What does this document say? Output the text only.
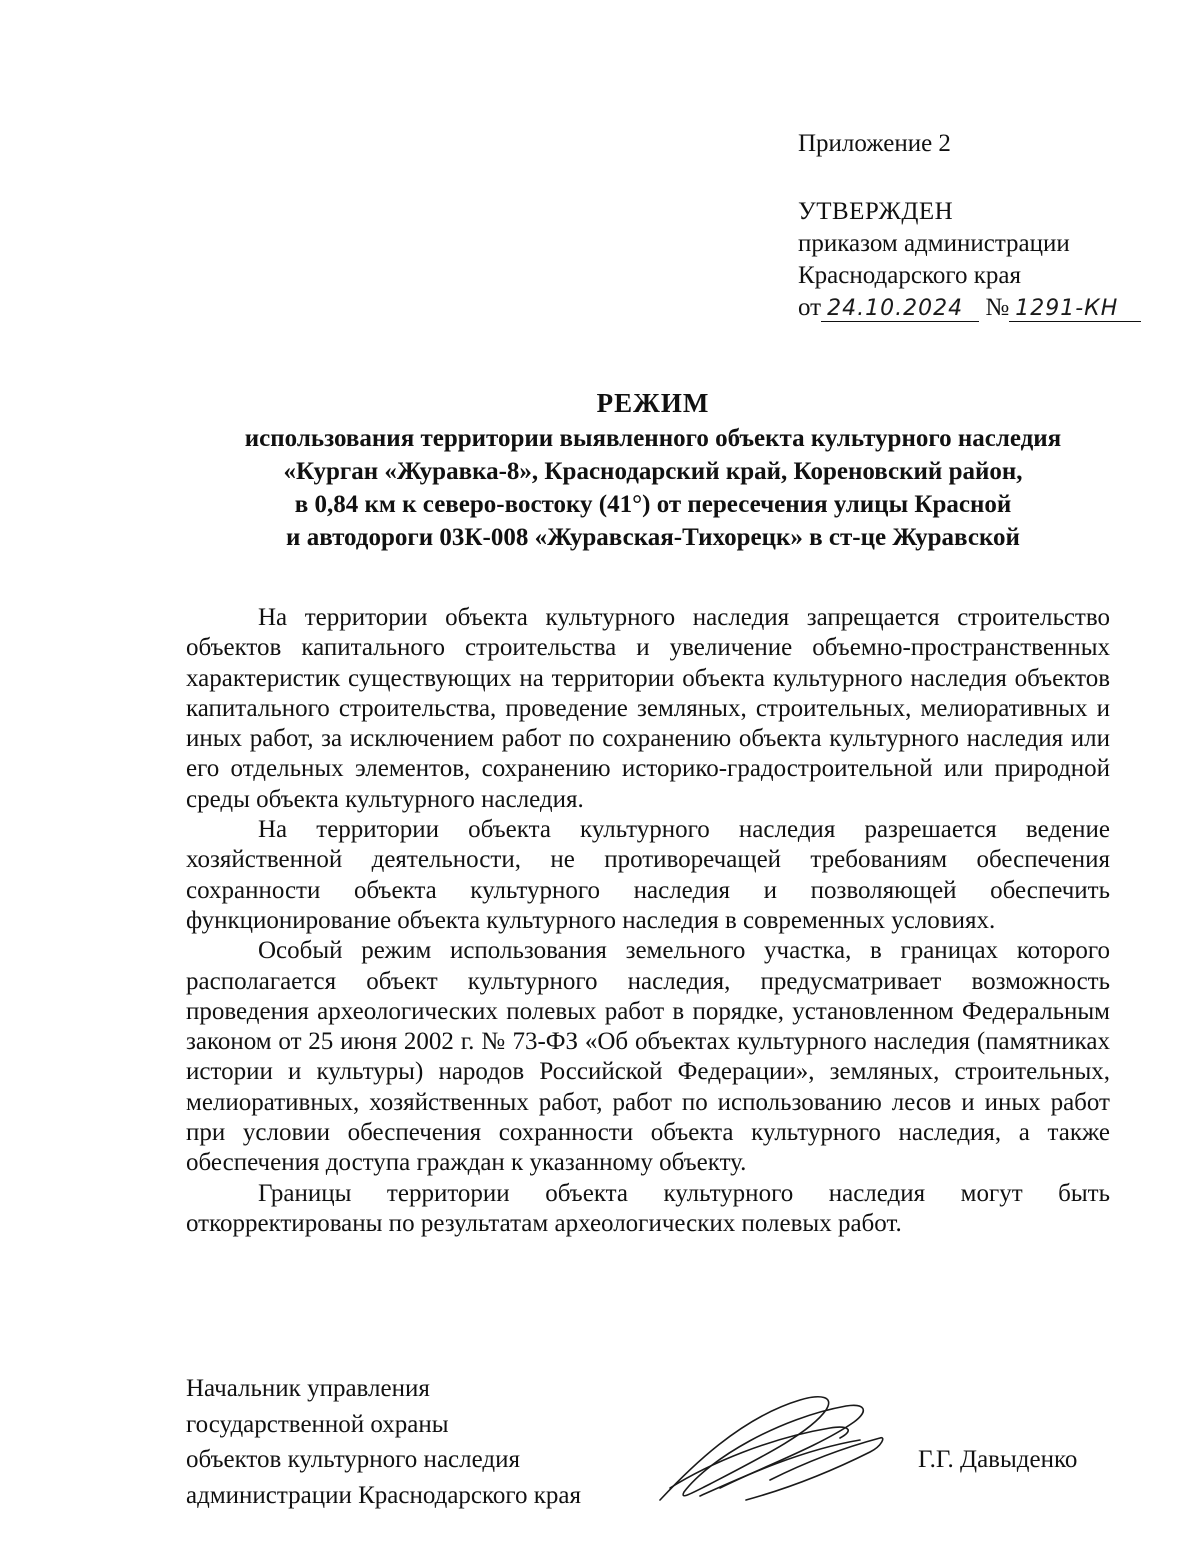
Приложение 2
УТВЕРЖДЕН
приказом администрации
Краснодарского края
от 24.10.2024 № 1291-КН
РЕЖИМ
использования территории выявленного объекта культурного наследия
«Курган «Журавка-8», Краснодарский край, Кореновский район,
в 0,84 км к северо-востоку (41°) от пересечения улицы Красной
и автодороги 03К-008 «Журавская-Тихорецк» в ст-це Журавской

На территории объекта культурного наследия запрещается строительство объектов капитального строительства и увеличение объемно-пространственных характеристик существующих на территории объекта культурного наследия объектов капитального строительства, проведение земляных, строительных, мелиоративных и иных работ, за исключением работ по сохранению объекта культурного наследия или его отдельных элементов, сохранению историко-градостроительной или природной среды объекта культурного наследия.

На территории объекта культурного наследия разрешается ведение хозяйственной деятельности, не противоречащей требованиям обеспечения сохранности объекта культурного наследия и позволяющей обеспечить функционирование объекта культурного наследия в современных условиях.

Особый режим использования земельного участка, в границах которого располагается объект культурного наследия, предусматривает возможность проведения археологических полевых работ в порядке, установленном Федеральным законом от 25 июня 2002 г. № 73-ФЗ «Об объектах культурного наследия (памятниках истории и культуры) народов Российской Федерации», земляных, строительных, мелиоративных, хозяйственных работ, работ по использованию лесов и иных работ при условии обеспечения сохранности объекта культурного наследия, а также обеспечения доступа граждан к указанному объекту.

Границы территории объекта культурного наследия могут быть откорректированы по результатам археологических полевых работ.

Начальник управления
государственной охраны
объектов культурного наследия
администрации Краснодарского края
Г.Г. Давыденко
